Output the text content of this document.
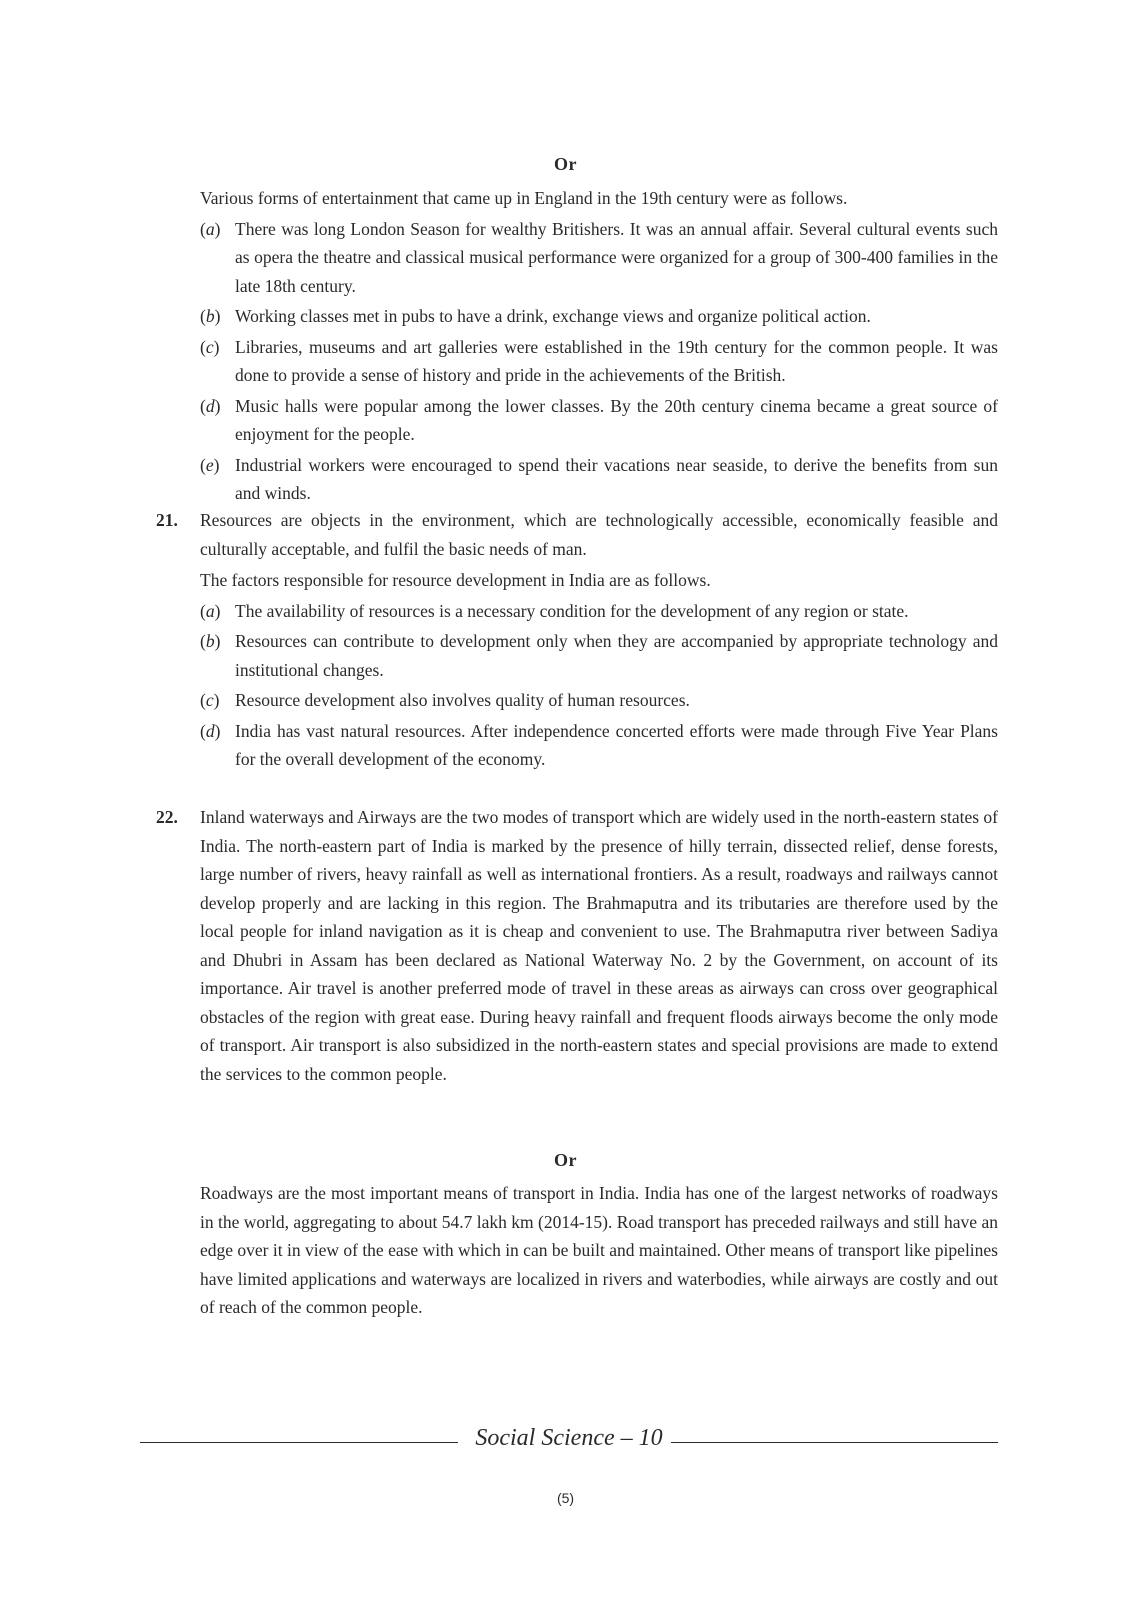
Or

Various forms of entertainment that came up in England in the 19th century were as follows.

(a) There was long London Season for wealthy Britishers. It was an annual affair. Several cultural events such as opera the theatre and classical musical performance were organized for a group of 300-400 families in the late 18th century.
(b) Working classes met in pubs to have a drink, exchange views and organize political action.
(c) Libraries, museums and art galleries were established in the 19th century for the common people. It was done to provide a sense of history and pride in the achievements of the British.
(d) Music halls were popular among the lower classes. By the 20th century cinema became a great source of enjoyment for the people.
(e) Industrial workers were encouraged to spend their vacations near seaside, to derive the benefits from sun and winds.
21. Resources are objects in the environment, which are technologically accessible, economically feasible and culturally acceptable, and fulfil the basic needs of man.

The factors responsible for resource development in India are as follows.

(a) The availability of resources is a necessary condition for the development of any region or state.
(b) Resources can contribute to development only when they are accompanied by appropriate technology and institutional changes.
(c) Resource development also involves quality of human resources.
(d) India has vast natural resources. After independence concerted efforts were made through Five Year Plans for the overall development of the economy.
22. Inland waterways and Airways are the two modes of transport which are widely used in the north-eastern states of India. The north-eastern part of India is marked by the presence of hilly terrain, dissected relief, dense forests, large number of rivers, heavy rainfall as well as international frontiers. As a result, roadways and railways cannot develop properly and are lacking in this region. The Brahmaputra and its tributaries are therefore used by the local people for inland navigation as it is cheap and convenient to use. The Brahmaputra river between Sadiya and Dhubri in Assam has been declared as National Waterway No. 2 by the Government, on account of its importance. Air travel is another preferred mode of travel in these areas as airways can cross over geographical obstacles of the region with great ease. During heavy rainfall and frequent floods airways become the only mode of transport. Air transport is also subsidized in the north-eastern states and special provisions are made to extend the services to the common people.

Or

Roadways are the most important means of transport in India. India has one of the largest networks of roadways in the world, aggregating to about 54.7 lakh km (2014-15). Road transport has preceded railways and still have an edge over it in view of the ease with which in can be built and maintained. Other means of transport like pipelines have limited applications and waterways are localized in rivers and waterbodies, while airways are costly and out of reach of the common people.

Social Science – 10
(5)
